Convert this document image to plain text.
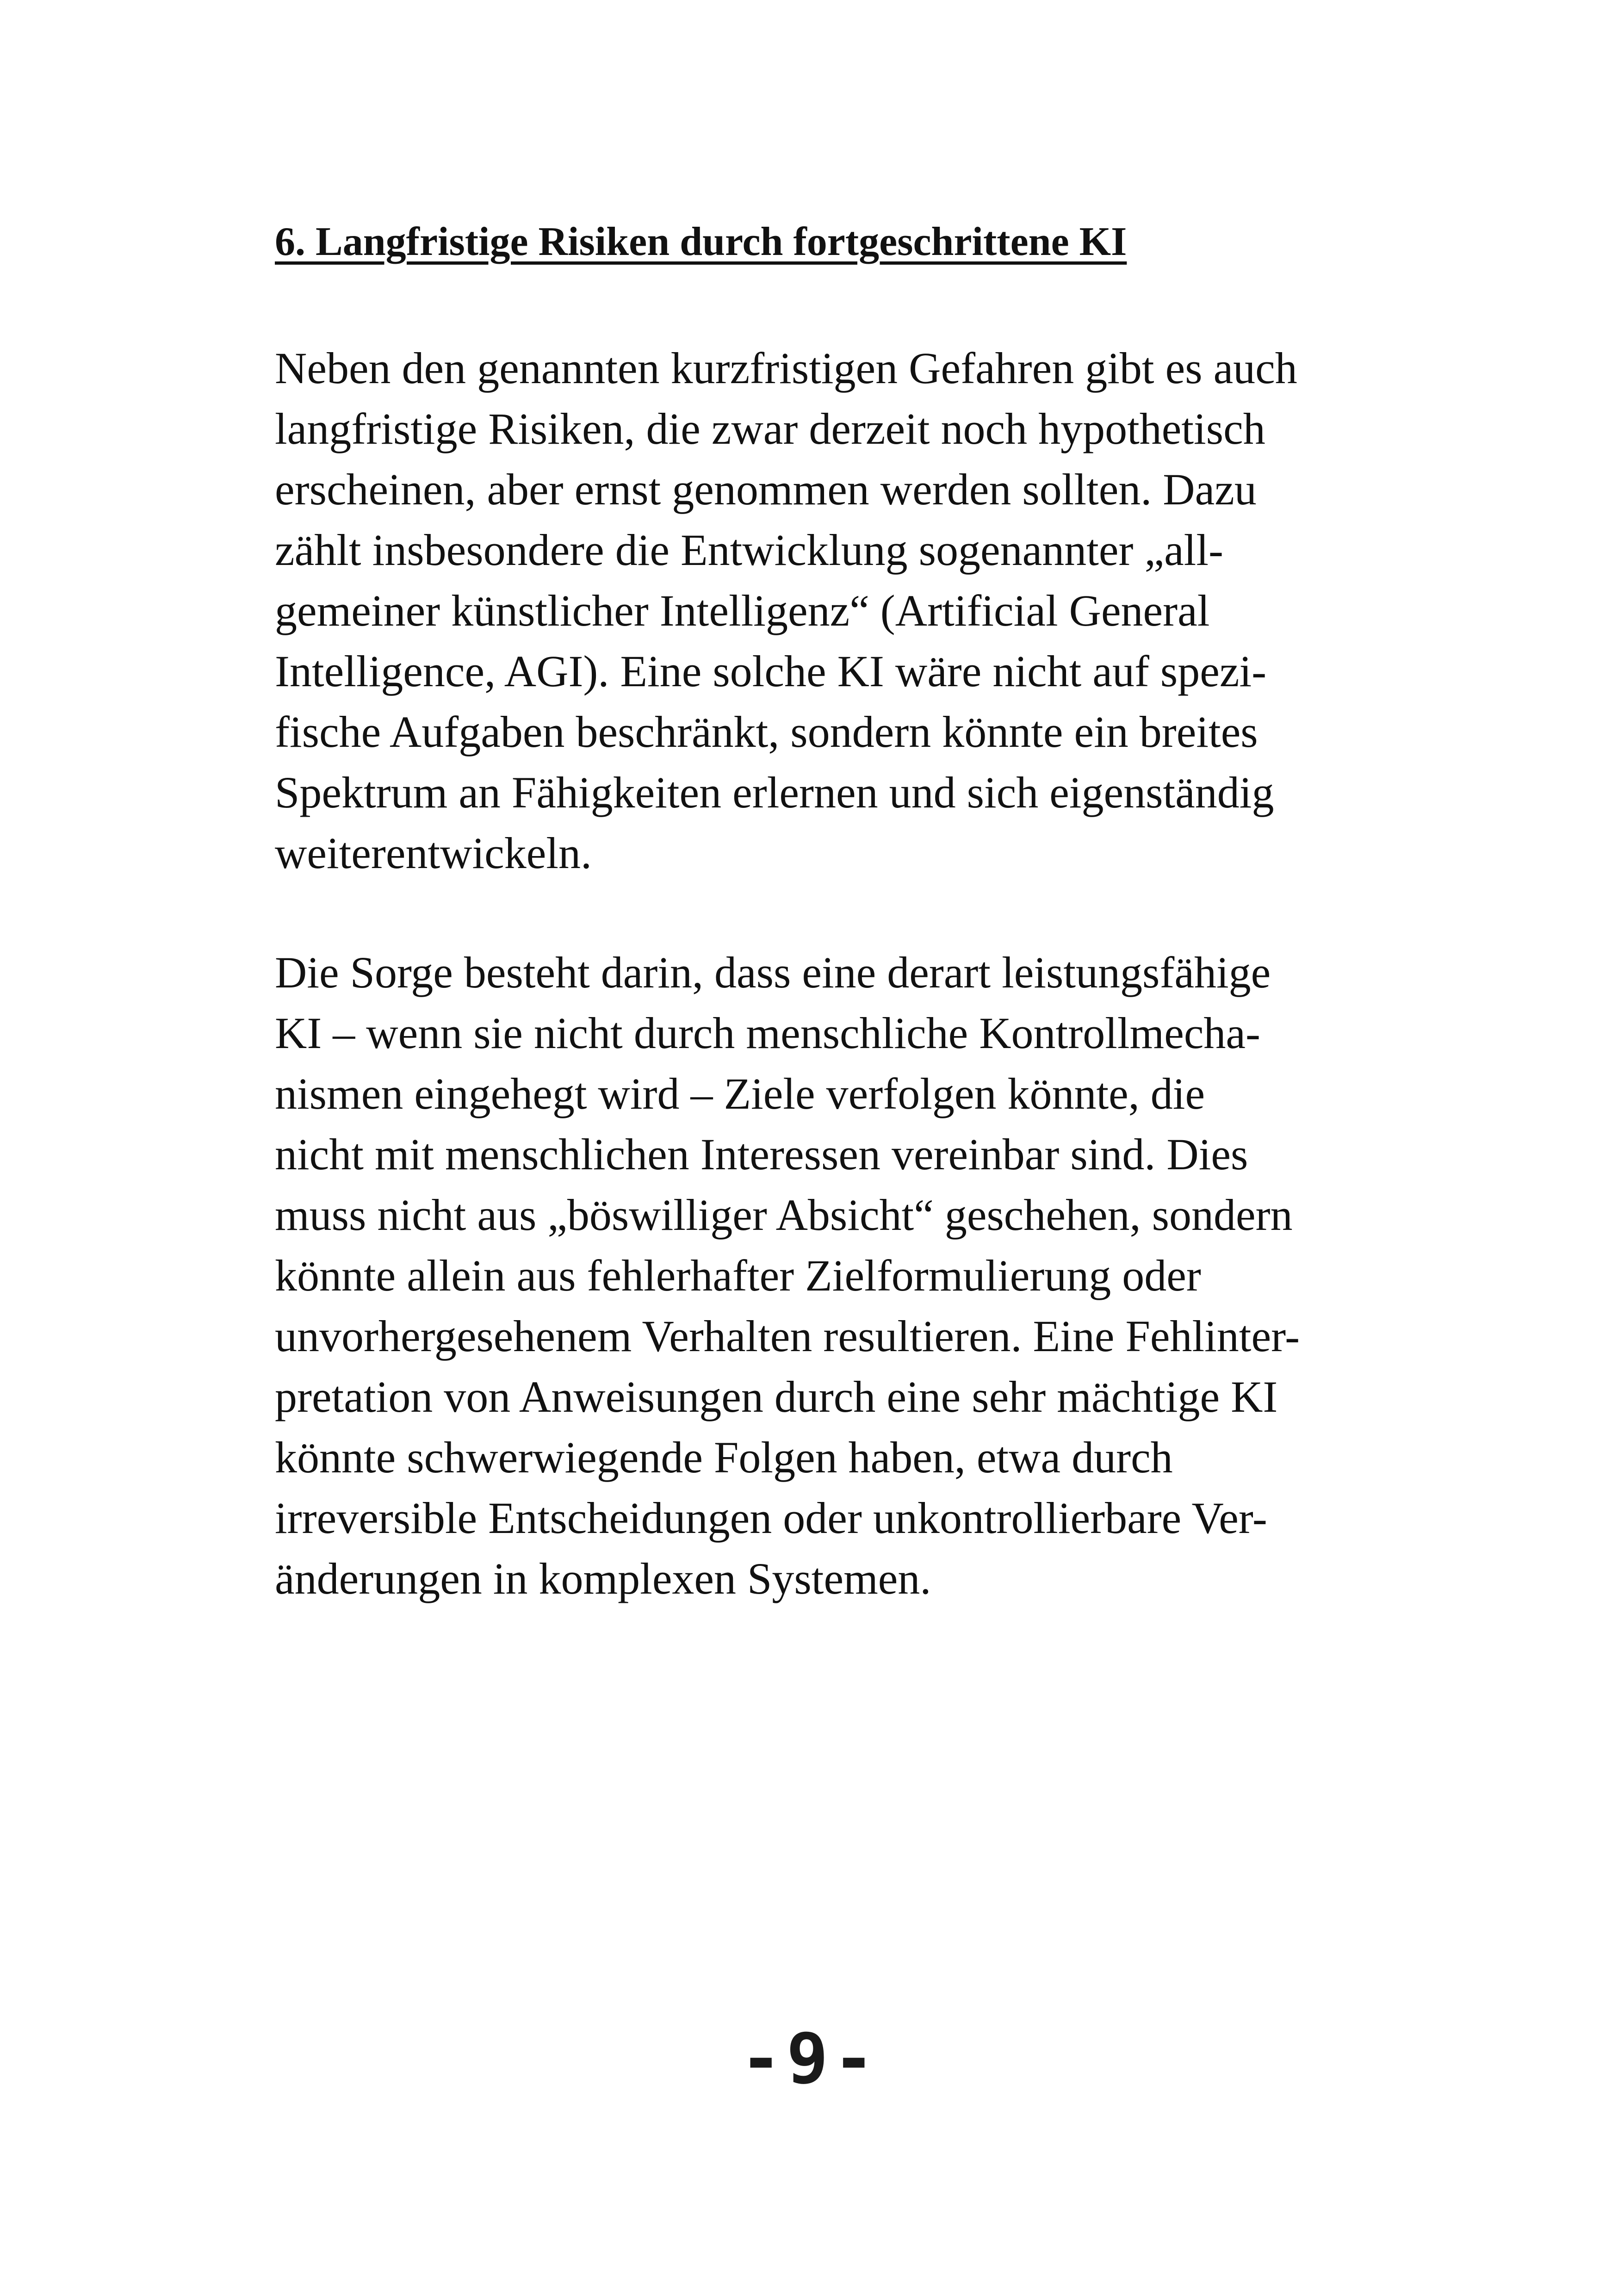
6. Langfristige Risiken durch fortgeschrittene KI

Neben den genannten kurzfristigen Gefahren gibt es auch
langfristige Risiken, die zwar derzeit noch hypothetisch
erscheinen, aber ernst genommen werden sollten. Dazu
zählt insbesondere die Entwicklung sogenannter „all-
gemeiner künstlicher Intelligenz“ (Artificial General
Intelligence, AGI). Eine solche KI wäre nicht auf spezi-
fische Aufgaben beschränkt, sondern könnte ein breites
Spektrum an Fähigkeiten erlernen und sich eigenständig
weiterentwickeln.

Die Sorge besteht darin, dass eine derart leistungsfähige
KI – wenn sie nicht durch menschliche Kontrollmecha-
nismen eingehegt wird – Ziele verfolgen könnte, die
nicht mit menschlichen Interessen vereinbar sind. Dies
muss nicht aus „böswilliger Absicht“ geschehen, sondern
könnte allein aus fehlerhafter Zielformulierung oder
unvorhergesehenem Verhalten resultieren. Eine Fehlinter-
pretation von Anweisungen durch eine sehr mächtige KI
könnte schwerwiegende Folgen haben, etwa durch
irreversible Entscheidungen oder unkontrollierbare Ver-
änderungen in komplexen Systemen.

-9-
